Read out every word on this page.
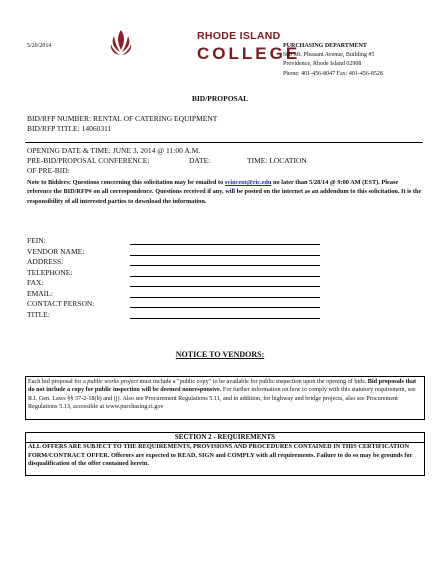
5/20/2014
RHODE ISLAND
COLLEGE
PURCHASING DEPARTMENT
600 Mt. Pleasant Avenue, Building #5
Providence, Rhode Island 02908
Phone: 401-456-8047 Fax: 401-456-8528
BID/PROPOSAL
BID/RFP NUMBER: RENTAL OF CATERING EQUIPMENT
BID/RFP TITLE: 14060311
OPENING DATE & TIME: JUNE 3, 2014 @ 11:00 A.M.
PRE-BID/PROPOSAL CONFERENCE:	DATE:	TIME: LOCATION
OF PRE-BID:
Note to Bidders: Questions concerning this solicitation may be emailed to svincent@ric.edu no later than 5/28/14 @ 9:00 AM (EST). Please reference the BID/RFP# on all correspondence. Questions received if any, will be posted on the internet as an addendum to this solicitation. It is the responsibility of all interested parties to download the information.
FEIN:
VENDOR NAME:
ADDRESS:
TELEPHONE:
FAX:
EMAIL:
CONTACT PERSON:
TITLE:
NOTICE TO VENDORS:
Each bid proposal for a public works project must include a "public copy" to be available for public inspection upon the opening of bids. Bid proposals that do not include a copy for public inspection will be deemed nonresponsive. For further information on how to comply with this statutory requirement, see R.I. Gen. Laws §§ 37-2-18(b) and (j). Also see Procurement Regulations 5.11, and in addition, for highway and bridge projects, also see Procurement Regulations 5.13, accessible at www.purchasing.ri.gov
SECTION 2 - REQUIREMENTS
ALL OFFERS ARE SUBJECT TO THE REQUIREMENTS, PROVISIONS AND PROCEDURES CONTAINED IN THIS CERTIFICATION FORM/CONTRACT OFFER. Offerors are expected to READ, SIGN and COMPLY with all requirements. Failure to do so may be grounds for disqualification of the offer contained herein.
